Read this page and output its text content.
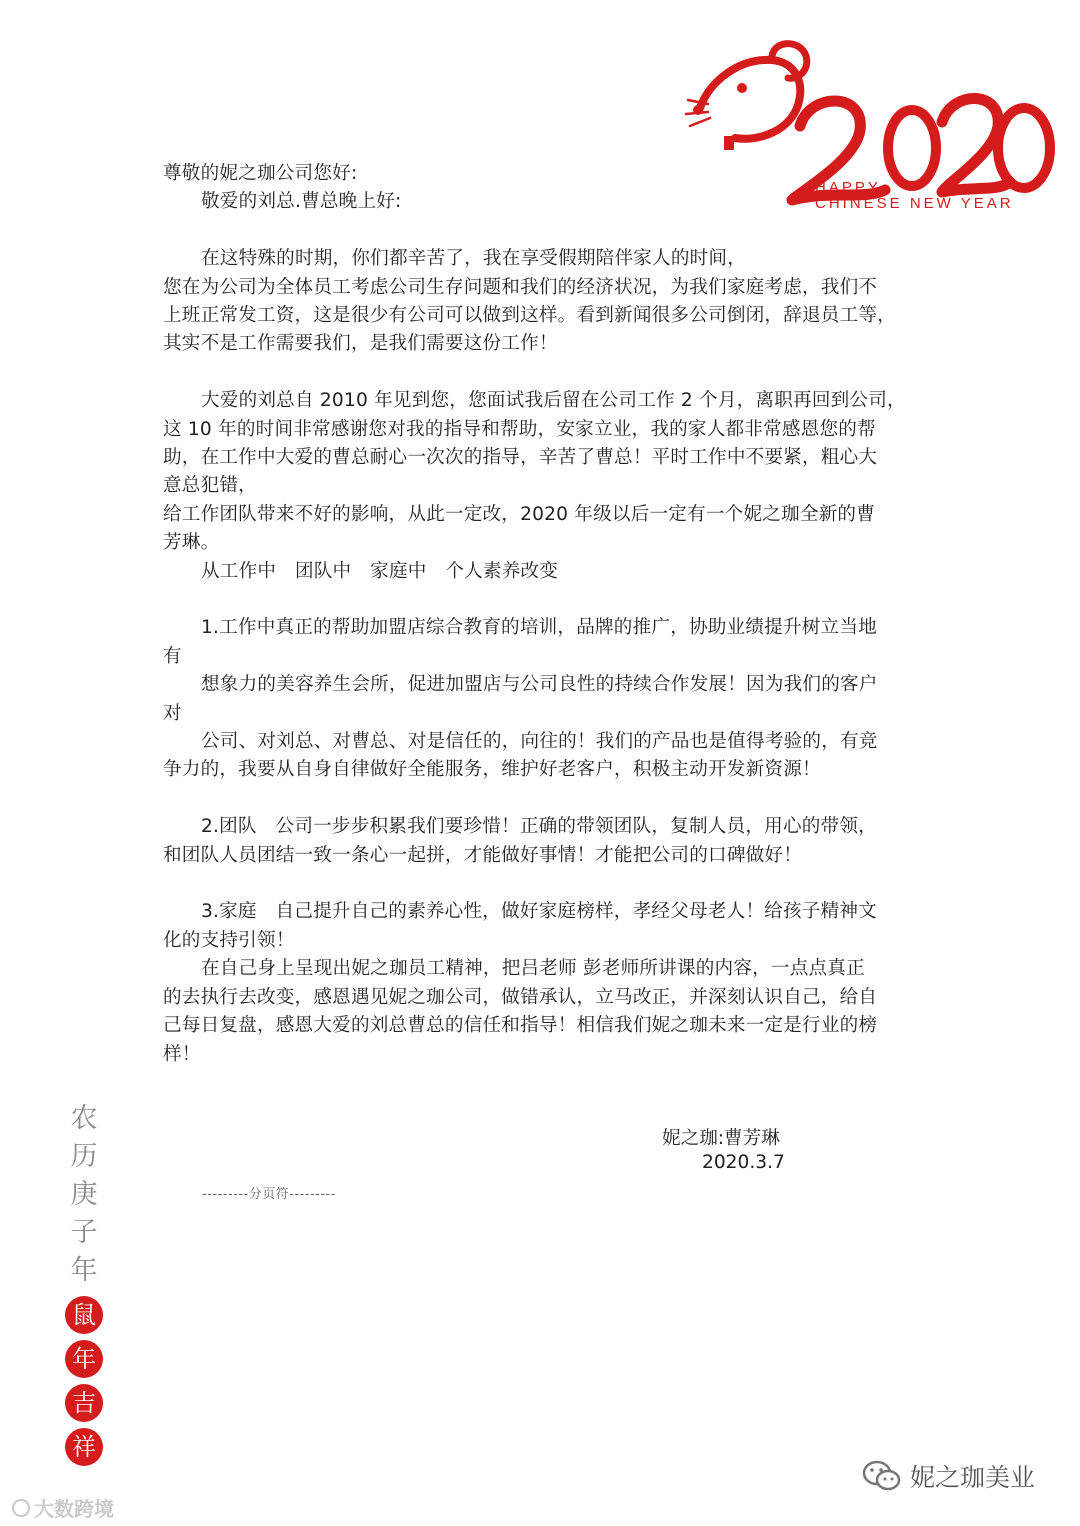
HAPPY
CHINESE NEW YEAR

尊敬的妮之珈公司您好:

敬爱的刘总.曹总晚上好:

在这特殊的时期，你们都辛苦了，我在享受假期陪伴家人的时间，

您在为公司为全体员工考虑公司生存问题和我们的经济状况，为我们家庭考虑，我们不

上班正常发工资，这是很少有公司可以做到这样。看到新闻很多公司倒闭，辞退员工等，

其实不是工作需要我们，是我们需要这份工作！

大爱的刘总自 2010 年见到您，您面试我后留在公司工作 2 个月，离职再回到公司，

这 10 年的时间非常感谢您对我的指导和帮助，安家立业，我的家人都非常感恩您的帮

助，在工作中大爱的曹总耐心一次次的指导，辛苦了曹总！平时工作中不要紧，粗心大

意总犯错，

给工作团队带来不好的影响，从此一定改，2020 年级以后一定有一个妮之珈全新的曹

芳琳。

从工作中　团队中　家庭中　个人素养改变

1.工作中真正的帮助加盟店综合教育的培训，品牌的推广，协助业绩提升树立当地

有

想象力的美容养生会所，促进加盟店与公司良性的持续合作发展！因为我们的客户

对

公司、对刘总、对曹总、对是信任的，向往的！我们的产品也是值得考验的，有竞

争力的，我要从自身自律做好全能服务，维护好老客户，积极主动开发新资源！

2.团队　公司一步步积累我们要珍惜！正确的带领团队，复制人员，用心的带领，

和团队人员团结一致一条心一起拼，才能做好事情！才能把公司的口碑做好！

3.家庭　自己提升自己的素养心性，做好家庭榜样，孝经父母老人！给孩子精神文

化的支持引领！

在自己身上呈现出妮之珈员工精神，把吕老师 彭老师所讲课的内容，一点点真正

的去执行去改变，感恩遇见妮之珈公司，做错承认，立马改正，并深刻认识自己，给自

己每日复盘，感恩大爱的刘总曹总的信任和指导！相信我们妮之珈未来一定是行业的榜

样！

妮之珈:曹芳琳
2020.3.7
---------分页符---------
农
历
庚
子
年
鼠
年
吉
祥
大数跨境
妮之珈美业
